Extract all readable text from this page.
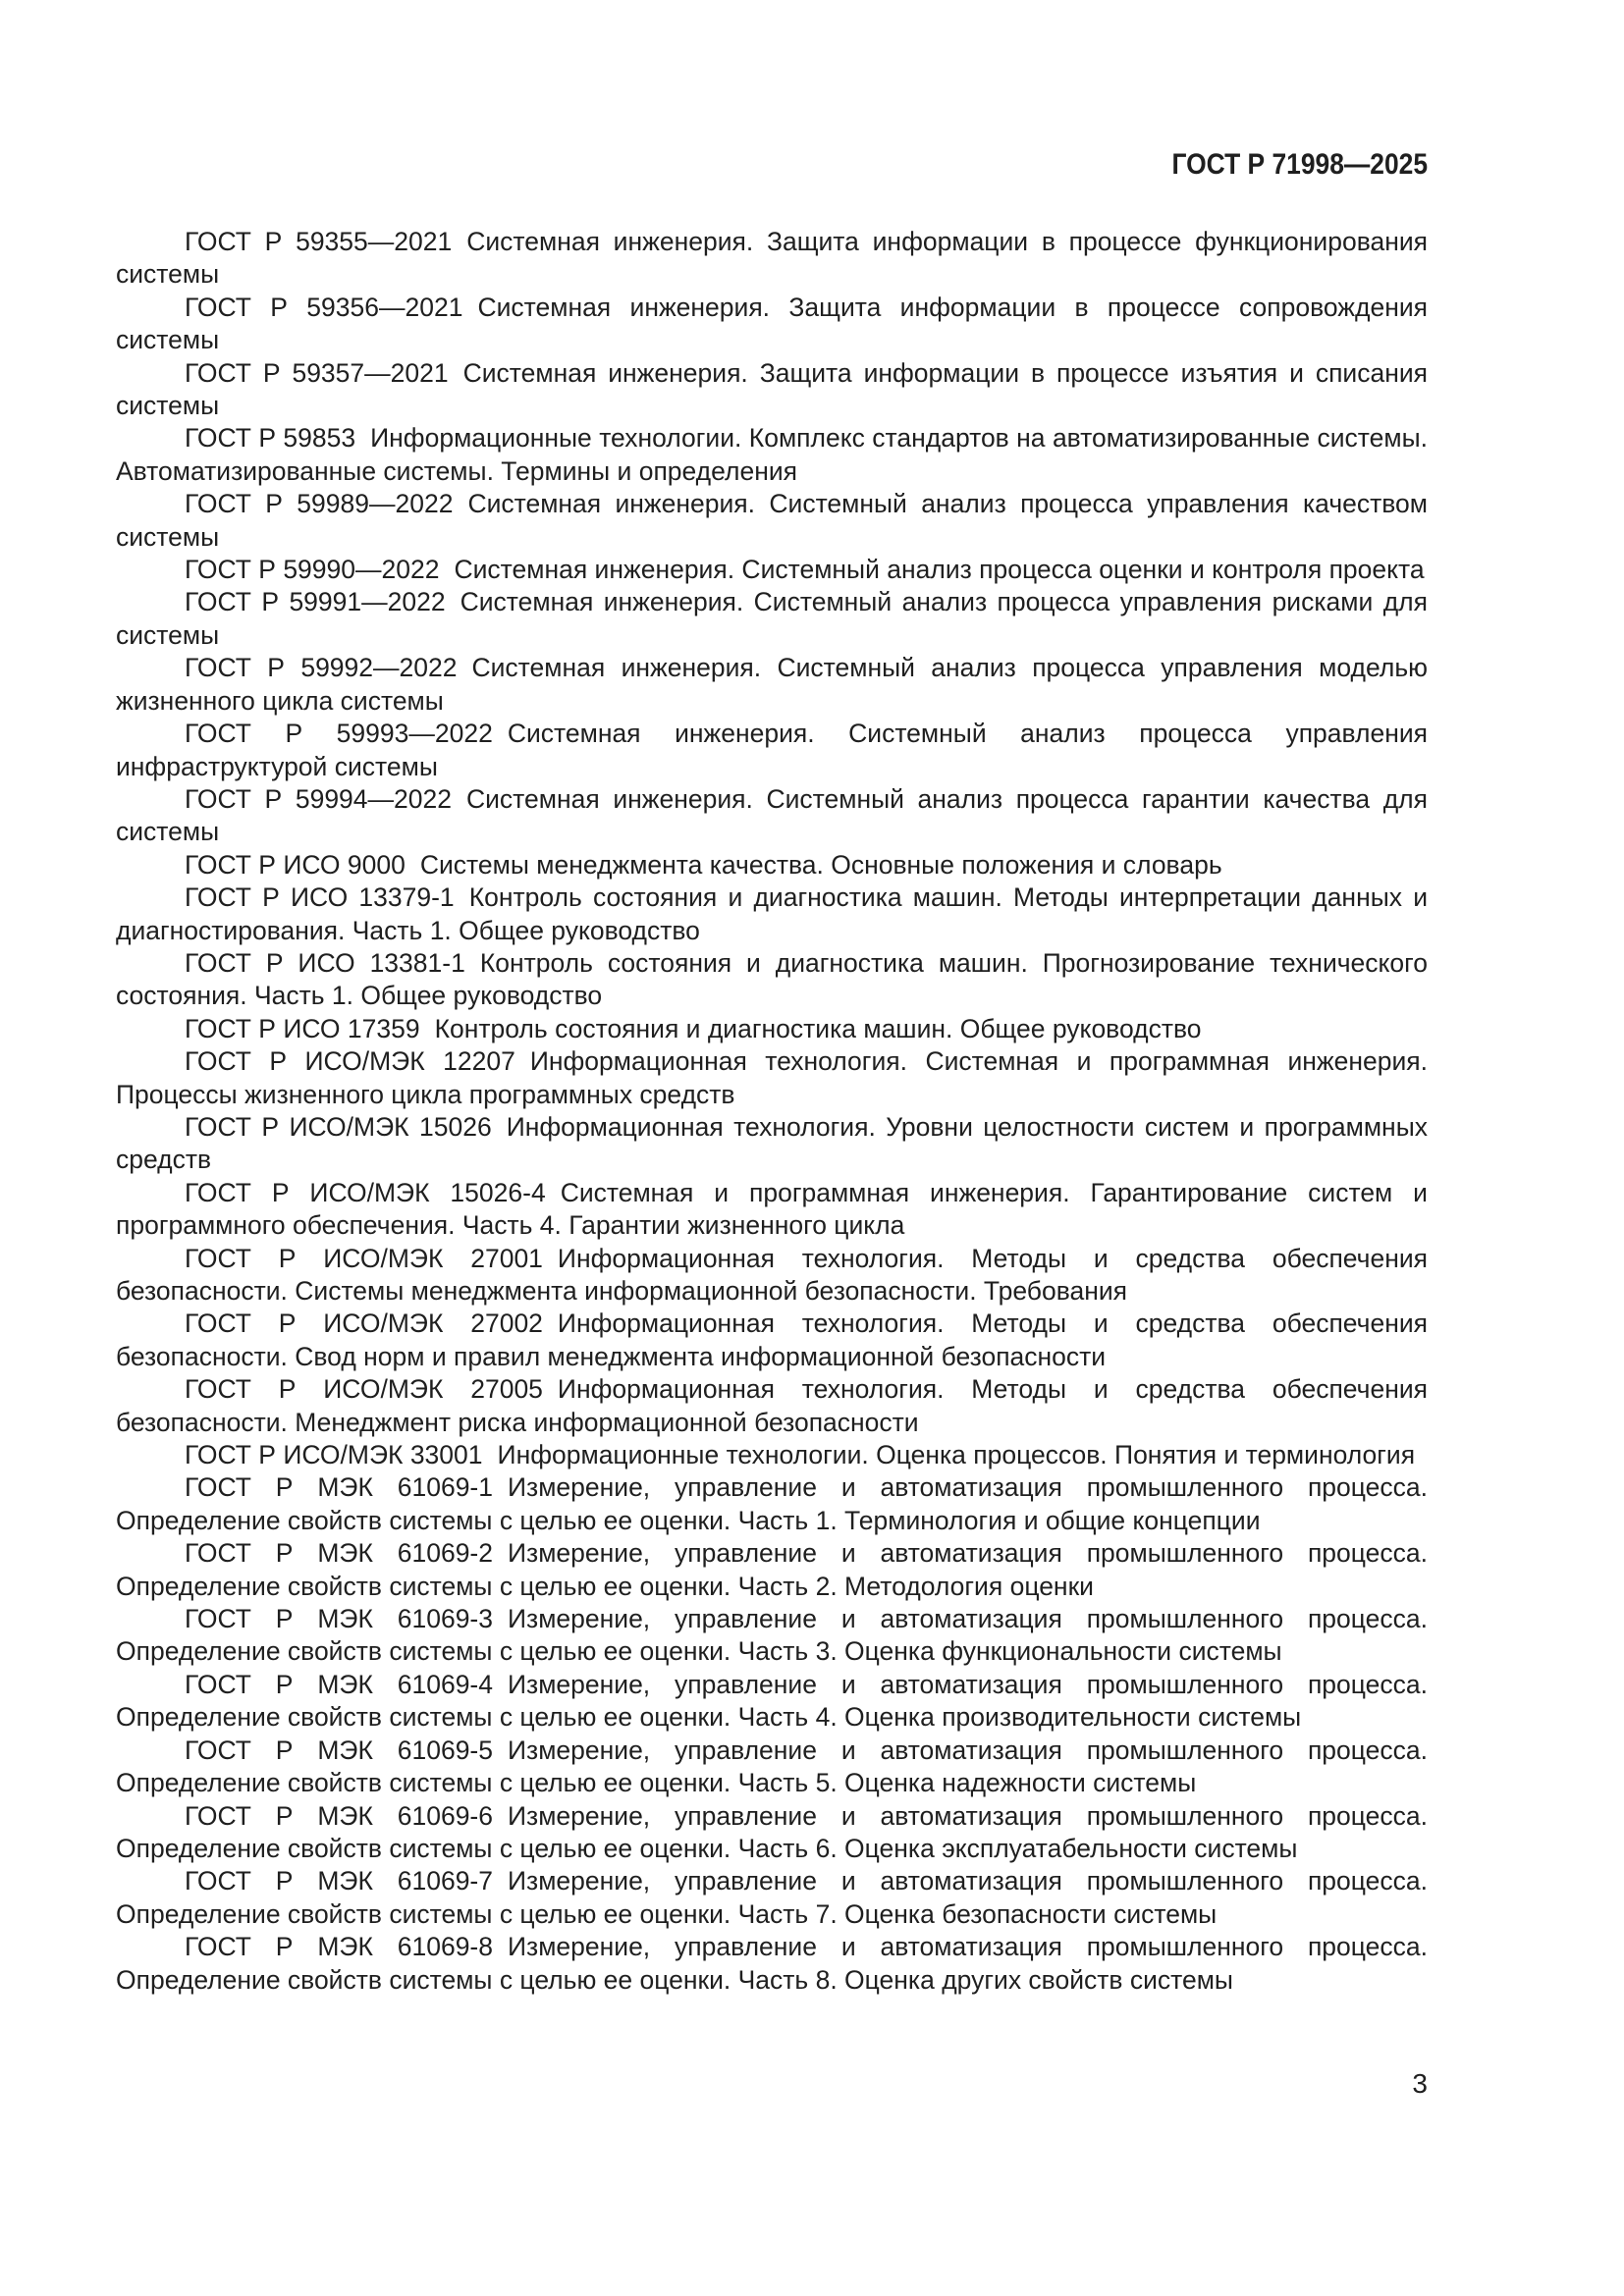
ГОСТ Р 71998—2025

ГОСТ Р 59355—2021 Системная инженерия. Защита информации в процессе функционирования системы

ГОСТ Р 59356—2021 Системная инженерия. Защита информации в процессе сопровождения системы

ГОСТ Р 59357—2021 Системная инженерия. Защита информации в процессе изъятия и списания системы

ГОСТ Р 59853 Информационные технологии. Комплекс стандартов на автоматизированные системы. Автоматизированные системы. Термины и определения

ГОСТ Р 59989—2022 Системная инженерия. Системный анализ процесса управления качеством системы

ГОСТ Р 59990—2022 Системная инженерия. Системный анализ процесса оценки и контроля проекта

ГОСТ Р 59991—2022 Системная инженерия. Системный анализ процесса управления рисками для системы

ГОСТ Р 59992—2022 Системная инженерия. Системный анализ процесса управления моделью жизненного цикла системы

ГОСТ Р 59993—2022 Системная инженерия. Системный анализ процесса управления инфраструктурой системы

ГОСТ Р 59994—2022 Системная инженерия. Системный анализ процесса гарантии качества для системы

ГОСТ Р ИСО 9000 Системы менеджмента качества. Основные положения и словарь

ГОСТ Р ИСО 13379-1 Контроль состояния и диагностика машин. Методы интерпретации данных и диагностирования. Часть 1. Общее руководство

ГОСТ Р ИСО 13381-1 Контроль состояния и диагностика машин. Прогнозирование технического состояния. Часть 1. Общее руководство

ГОСТ Р ИСО 17359 Контроль состояния и диагностика машин. Общее руководство

ГОСТ Р ИСО/МЭК 12207 Информационная технология. Системная и программная инженерия. Процессы жизненного цикла программных средств

ГОСТ Р ИСО/МЭК 15026 Информационная технология. Уровни целостности систем и программных средств

ГОСТ Р ИСО/МЭК 15026-4 Системная и программная инженерия. Гарантирование систем и программного обеспечения. Часть 4. Гарантии жизненного цикла

ГОСТ Р ИСО/МЭК 27001 Информационная технология. Методы и средства обеспечения безопасности. Системы менеджмента информационной безопасности. Требования

ГОСТ Р ИСО/МЭК 27002 Информационная технология. Методы и средства обеспечения безопасности. Свод норм и правил менеджмента информационной безопасности

ГОСТ Р ИСО/МЭК 27005 Информационная технология. Методы и средства обеспечения безопасности. Менеджмент риска информационной безопасности

ГОСТ Р ИСО/МЭК 33001 Информационные технологии. Оценка процессов. Понятия и терминология

ГОСТ Р МЭК 61069-1 Измерение, управление и автоматизация промышленного процесса. Определение свойств системы с целью ее оценки. Часть 1. Терминология и общие концепции

ГОСТ Р МЭК 61069-2 Измерение, управление и автоматизация промышленного процесса. Определение свойств системы с целью ее оценки. Часть 2. Методология оценки

ГОСТ Р МЭК 61069-3 Измерение, управление и автоматизация промышленного процесса. Определение свойств системы с целью ее оценки. Часть 3. Оценка функциональности системы

ГОСТ Р МЭК 61069-4 Измерение, управление и автоматизация промышленного процесса. Определение свойств системы с целью ее оценки. Часть 4. Оценка производительности системы

ГОСТ Р МЭК 61069-5 Измерение, управление и автоматизация промышленного процесса. Определение свойств системы с целью ее оценки. Часть 5. Оценка надежности системы

ГОСТ Р МЭК 61069-6 Измерение, управление и автоматизация промышленного процесса. Определение свойств системы с целью ее оценки. Часть 6. Оценка эксплуатабельности системы

ГОСТ Р МЭК 61069-7 Измерение, управление и автоматизация промышленного процесса. Определение свойств системы с целью ее оценки. Часть 7. Оценка безопасности системы

ГОСТ Р МЭК 61069-8 Измерение, управление и автоматизация промышленного процесса. Определение свойств системы с целью ее оценки. Часть 8. Оценка других свойств системы

3
